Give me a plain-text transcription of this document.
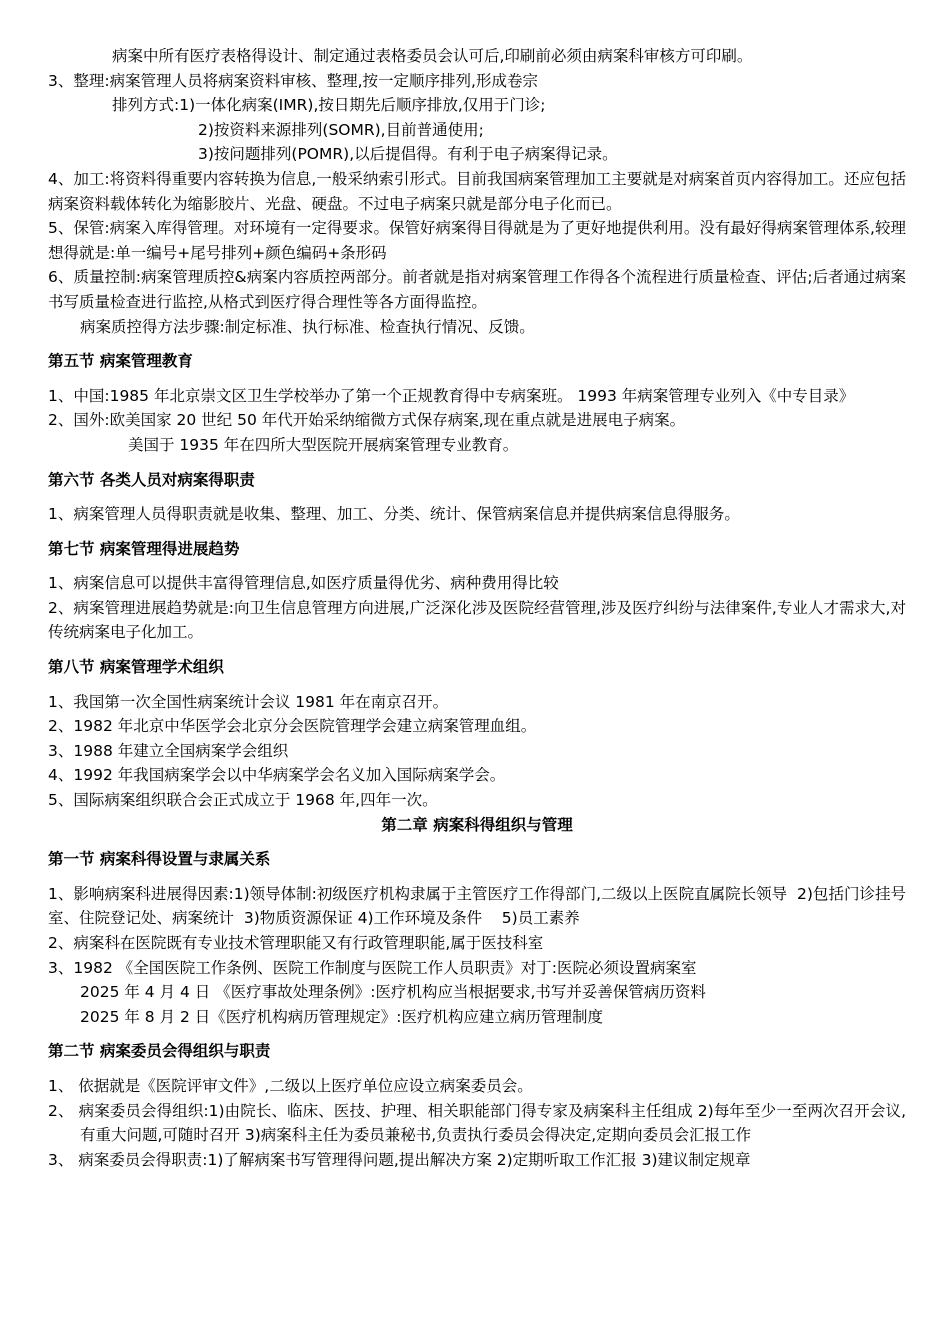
病案中所有医疗表格得设计、制定通过表格委员会认可后,印刷前必须由病案科审核方可印刷。

3、整理:病案管理人员将病案资料审核、整理,按一定顺序排列,形成卷宗

排列方式:1)一体化病案(IMR),按日期先后顺序排放,仅用于门诊;

2)按资料来源排列(SOMR),目前普通使用;

3)按问题排列(POMR),以后提倡得。有利于电子病案得记录。

4、加工:将资料得重要内容转换为信息,一般采纳索引形式。目前我国病案管理加工主要就是对病案首页内容得加工。还应包括病案资料载体转化为缩影胶片、光盘、硬盘。不过电子病案只就是部分电子化而已。

5、保管:病案入库得管理。对环境有一定得要求。保管好病案得目得就是为了更好地提供利用。没有最好得病案管理体系,较理想得就是:单一编号+尾号排列+颜色编码+条形码

6、质量控制:病案管理质控&病案内容质控两部分。前者就是指对病案管理工作得各个流程进行质量检查、评估;后者通过病案书写质量检查进行监控,从格式到医疗得合理性等各方面得监控。

病案质控得方法步骤:制定标准、执行标准、检查执行情况、反馈。

第五节 病案管理教育

1、中国:1985 年北京崇文区卫生学校举办了第一个正规教育得中专病案班。 1993 年病案管理专业列入《中专目录》

2、国外:欧美国家 20 世纪 50 年代开始采纳缩微方式保存病案,现在重点就是进展电子病案。

美国于 1935 年在四所大型医院开展病案管理专业教育。

第六节 各类人员对病案得职责

1、病案管理人员得职责就是收集、整理、加工、分类、统计、保管病案信息并提供病案信息得服务。

第七节 病案管理得进展趋势

1、病案信息可以提供丰富得管理信息,如医疗质量得优劣、病种费用得比较

2、病案管理进展趋势就是:向卫生信息管理方向进展,广泛深化涉及医院经营管理,涉及医疗纠纷与法律案件,专业人才需求大,对传统病案电子化加工。

第八节 病案管理学术组织

1、我国第一次全国性病案统计会议 1981 年在南京召开。

2、1982 年北京中华医学会北京分会医院管理学会建立病案管理血组。

3、1988 年建立全国病案学会组织

4、1992 年我国病案学会以中华病案学会名义加入国际病案学会。

5、国际病案组织联合会正式成立于 1968 年,四年一次。

第二章 病案科得组织与管理
第一节 病案科得设置与隶属关系

1、影响病案科进展得因素:1)领导体制:初级医疗机构隶属于主管医疗工作得部门,二级以上医院直属院长领导  2)包括门诊挂号室、住院登记处、病案统计  3)物质资源保证 4)工作环境及条件    5)员工素养

2、病案科在医院既有专业技术管理职能又有行政管理职能,属于医技科室

3、1982 《全国医院工作条例、医院工作制度与医院工作人员职责》对丁:医院必须设置病案室

2025 年 4 月 4 日 《医疗事故处理条例》:医疗机构应当根据要求,书写并妥善保管病历资料

2025 年 8 月 2 日《医疗机构病历管理规定》:医疗机构应建立病历管理制度

第二节 病案委员会得组织与职责

1、 依据就是《医院评审文件》,二级以上医疗单位应设立病案委员会。

2、 病案委员会得组织:1)由院长、临床、医技、护理、相关职能部门得专家及病案科主任组成 2)每年至少一至两次召开会议,有重大问题,可随时召开 3)病案科主任为委员兼秘书,负责执行委员会得决定,定期向委员会汇报工作

3、 病案委员会得职责:1)了解病案书写管理得问题,提出解决方案 2)定期听取工作汇报 3)建议制定规章
